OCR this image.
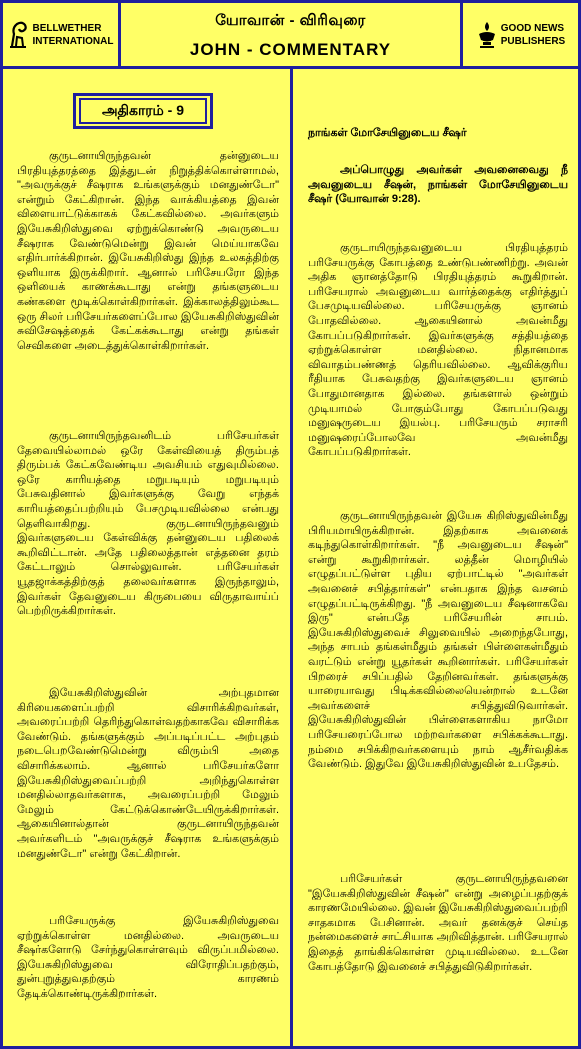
BELLWETHER
INTERNATIONAL
யோவான் - விரிவுரை
JOHN - COMMENTARY
GOOD NEWS
PUBLISHERS
அதிகாரம் - 9

குருடனாயிருந்தவன் தன்னுடைய பிரதியுத்தரத்தை இத்துடன் நிறுத்திக்கொள்ளாமல், "அவருக்குச் சீஷராக உங்களுக்கும் மனதுண்டோ" என்றும் கேட்கிறான். இந்த வாக்கியத்தை இவன் விளையாட்டுக்காகக் கேட்கவில்லை. அவர்களும் இயேசுகிறிஸ்துவை ஏற்றுக்கொண்டு அவருடைய சீஷராக வேண்டுமென்று இவன் மெய்யாகவே எதிர்பார்க்கிறான். இயேசுகிறிஸ்து இந்த உலகத்திற்கு ஒளியாக இருக்கிறார். ஆனால் பரிசேயரோ இந்த ஒளியைக் காணக்கூடாது என்று தங்களுடைய கண்களை மூடிக்கொள்கிறார்கள். இக்காலத்திலும்கூட ஒரு சிலர் பரிசேயர்களைப்போல இயேசுகிறிஸ்துவின் சுவிசேஷத்தைக் கேட்கக்கூடாது என்று தங்கள் செவிகளை அடைத்துக்கொள்கிறார்கள்.

குருடனாயிருந்தவனிடம் பரிசேயர்கள் தேவையில்லாமல் ஒரே கேள்வியைத் திரும்பத் திரும்பக் கேட்கவேண்டிய அவசியம் எதுவுமில்லை. ஒரே காரியத்தை மறுபடியும் மறுபடியும் பேசுவதினால் இவர்களுக்கு வேறு எந்தக் காரியத்தைப்பற்றியும் பேசமுடியவில்லை என்பது தெளிவாகிறது. குருடனாயிருந்தவனும் இவர்களுடைய கேள்விக்கு தன்னுடைய பதிலைக் கூறிவிட்டான். அதே பதிலைத்தான் எத்தனை தரம் கேட்டாலும் சொல்லுவான். பரிசேயர்கள் யூதஜாக்கத்திற்குத் தலைவர்களாக இருந்தாலும், இவர்கள் தேவனுடைய கிருபையை விருதாவாய்ப் பெற்றிருக்கிறார்கள்.

இயேசுகிறிஸ்துவின் அற்புதமான கிரியைகளைப்பற்றி விசாரிக்கிறவர்கள், அவரைப்பற்றி தெரிந்துகொள்வதற்காகவே விசாரிக்க வேண்டும். தங்களுக்கும் அப்படிப்பட்ட அற்புதம் நடைபெறவேண்டுமென்று விரும்பி அதை விசாரிக்கலாம். ஆனால் பரிசேயர்களோ இயேசுகிறிஸ்துவைப்பற்றி அறிந்துகொள்ள மனதில்லாதவர்களாக, அவரைப்பற்றி மேலும் மேலும் கேட்டுக்கொண்டேயிருக்கிறார்கள். ஆகையினால்தான் குருடனாயிருந்தவன் அவர்களிடம் "அவருக்குச் சீஷராக உங்களுக்கும் மனதுண்டோ" என்று கேட்கிறான்.

பரிசேயருக்கு இயேசுகிறிஸ்துவை ஏற்றுக்கொள்ள மனதில்லை. அவருடைய சீஷர்களோடு சேர்ந்துகொள்ளவும் விருப்பமில்லை. இயேசுகிறிஸ்துவை விரோதிப்பதற்கும், துன்புறுத்துவதற்கும் காரணம் தேடிக்கொண்டிருக்கிறார்கள்.

நாங்கள் மோசேயினுடைய சீஷர்

அப்பொழுது அவர்கள் அவனைவைது நீ அவனுடைய சீஷன், நாங்கள் மோசேயினுடைய சீஷர் (யோவான் 9:28).

குருடாயிருந்தவனுடைய பிரதியுத்தரம் பரிசேயருக்கு கோபத்தை உண்டுபண்ணிற்று. அவன் அதிக ஞானத்தோடு பிரதியுத்தரம் கூறுகிறான். பரிசேயரால் அவனுடைய வார்த்தைக்கு எதிர்த்துப் பேசமுடியவில்லை. பரிசேயருக்கு ஞானம் போதவில்லை. ஆகையினால் அவன்மீது கோபப்படுகிறார்கள். இவர்களுக்கு சத்தியத்தை ஏற்றுக்கொள்ள மனதில்லை. நிதானமாக விவாதம்பண்ணத் தெரியவில்லை. ஆவிக்குரிய ரீதியாக பேசுவதற்கு இவர்களுடைய ஞானம் போதுமானதாக இல்லை. தங்களால் ஒன்றும் முடியாமல் போகும்போது கோபப்படுவது மனுஷருடைய இயல்பு. பரிசேயரும் சராசரி மனுஷரைப்போலவே அவன்மீது கோபப்படுகிறார்கள்.

குருடனாயிருந்தவன் இயேசு கிறிஸ்துவின்மீது பிரியமாயிருக்கிறான். இதற்காக அவனைக் கடிந்துகொள்கிறார்கள். "நீ அவனுடைய சீஷன்" என்று கூறுகிறார்கள். லத்தீன் மொழியில் எழுதப்பட்டுள்ள புதிய ஏற்பாட்டில் "அவர்கள் அவனைச் சபித்தார்கள்" என்பதாக இந்த வசனம் எழுதப்பட்டிருக்கிறது. "நீ அவனுடைய சீஷனாகவே இரு" என்பதே பரிசேயரின் சாபம். இயேசுகிறிஸ்துவைச் சிலுவையில் அறைந்தபோது, அந்த சாபம் தங்கள்மீதும் தங்கள் பிள்ளைகள்மீதும் வரட்டும் என்று யூதர்கள் கூறினார்கள். பரிசேயர்கள் பிறரைச் சபிப்பதில் தேறினவர்கள். தங்களுக்கு யாரையாவது பிடிக்கவில்லையென்றால் உடனே அவர்களைச் சபித்துவிடுவார்கள். இயேசுகிறிஸ்துவின் பிள்ளைகளாகிய நாமோ பரிசேயரைப்போல மற்றவர்களை சபிக்கக்கூடாது. நம்மை சபிக்கிறவர்களையும் நாம் ஆசீர்வதிக்க வேண்டும். இதுவே இயேசுகிறிஸ்துவின் உபதேசம்.

பரிசேயர்கள் குருடனாயிருந்தவனை "இயேசுகிறிஸ்துவின் சீஷன்" என்று அழைப்பதற்குக் காரணமேயில்லை. இவன் இயேசுகிறிஸ்துவைப்பற்றி சாதகமாக பேசினான். அவர் தனக்குச் செய்த நன்மைகளைச் சாட்சியாக அறிவித்தான். பரிசேயரால் இதைத் தாங்கிக்கொள்ள முடியவில்லை. உடனே கோபத்தோடு இவனைச் சபித்துவிடுகிறார்கள்.
